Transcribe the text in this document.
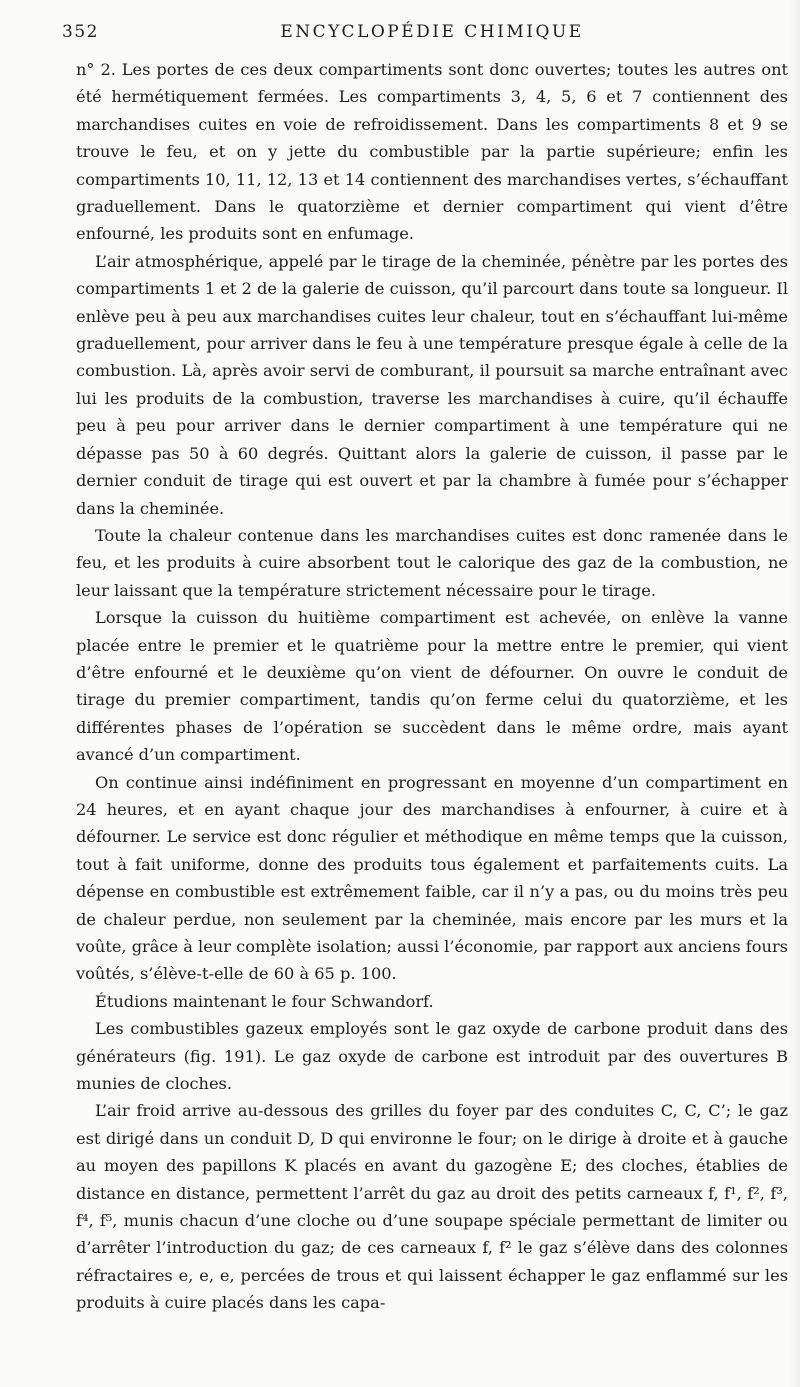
352	ENCYCLOPÉDIE CHIMIQUE

n° 2. Les portes de ces deux compartiments sont donc ouvertes; toutes les autres ont été hermétiquement fermées. Les compartiments 3, 4, 5, 6 et 7 contiennent des marchandises cuites en voie de refroidissement. Dans les compartiments 8 et 9 se trouve le feu, et on y jette du combustible par la partie supérieure; enfin les compartiments 10, 11, 12, 13 et 14 contiennent des marchandises vertes, s’échauffant graduellement. Dans le quatorzième et dernier compartiment qui vient d’être enfourné, les produits sont en enfumage.

L’air atmosphérique, appelé par le tirage de la cheminée, pénètre par les portes des compartiments 1 et 2 de la galerie de cuisson, qu’il parcourt dans toute sa longueur. Il enlève peu à peu aux marchandises cuites leur chaleur, tout en s’échauffant lui-même graduellement, pour arriver dans le feu à une température presque égale à celle de la combustion. Là, après avoir servi de comburant, il poursuit sa marche entraînant avec lui les produits de la combustion, traverse les marchandises à cuire, qu’il échauffe peu à peu pour arriver dans le dernier compartiment à une température qui ne dépasse pas 50 à 60 degrés. Quittant alors la galerie de cuisson, il passe par le dernier conduit de tirage qui est ouvert et par la chambre à fumée pour s’échapper dans la cheminée.

Toute la chaleur contenue dans les marchandises cuites est donc ramenée dans le feu, et les produits à cuire absorbent tout le calorique des gaz de la combustion, ne leur laissant que la température strictement nécessaire pour le tirage.

Lorsque la cuisson du huitième compartiment est achevée, on enlève la vanne placée entre le premier et le quatrième pour la mettre entre le premier, qui vient d’être enfourné et le deuxième qu’on vient de défourner. On ouvre le conduit de tirage du premier compartiment, tandis qu’on ferme celui du quatorzième, et les différentes phases de l’opération se succèdent dans le même ordre, mais ayant avancé d’un compartiment.

On continue ainsi indéfiniment en progressant en moyenne d’un compartiment en 24 heures, et en ayant chaque jour des marchandises à enfourner, à cuire et à défourner. Le service est donc régulier et méthodique en même temps que la cuisson, tout à fait uniforme, donne des produits tous également et parfaitements cuits. La dépense en combustible est extrêmement faible, car il n’y a pas, ou du moins très peu de chaleur perdue, non seulement par la cheminée, mais encore par les murs et la voûte, grâce à leur complète isolation; aussi l’économie, par rapport aux anciens fours voûtés, s’élève-t-elle de 60 à 65 p. 100.

Étudions maintenant le four Schwandorf.

Les combustibles gazeux employés sont le gaz oxyde de carbone produit dans des générateurs (fig. 191). Le gaz oxyde de carbone est introduit par des ouvertures B munies de cloches.

L’air froid arrive au-dessous des grilles du foyer par des conduites C, C, C’; le gaz est dirigé dans un conduit D, D qui environne le four; on le dirige à droite et à gauche au moyen des papillons K placés en avant du gazogène E; des cloches, établies de distance en distance, permettent l’arrêt du gaz au droit des petits carneaux f, f¹, f², f³, f⁴, f⁵, munis chacun d’une cloche ou d’une soupape spéciale permettant de limiter ou d’arrêter l’introduction du gaz; de ces carneaux f, f² le gaz s’élève dans des colonnes réfractaires e, e, e, percées de trous et qui laissent échapper le gaz enflammé sur les produits à cuire placés dans les capa-
